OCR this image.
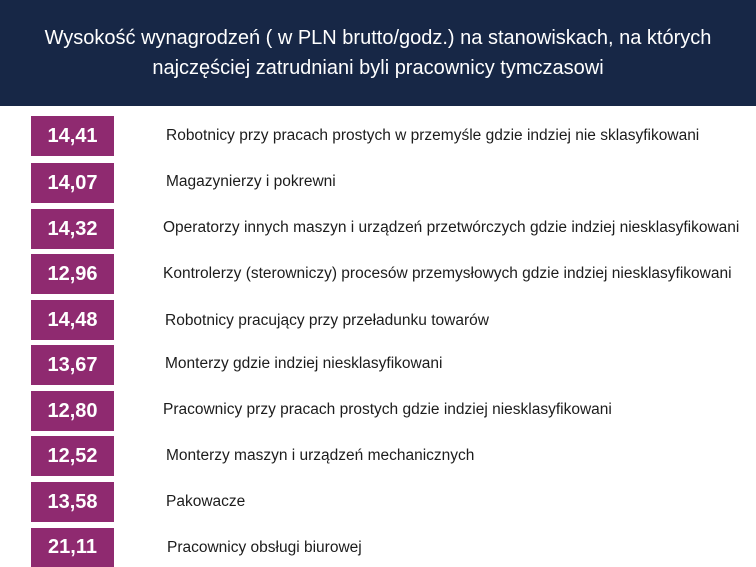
Wysokość wynagrodzeń ( w PLN brutto/godz.) na stanowiskach, na których najczęściej zatrudniani byli pracownicy tymczasowi
14,41	Robotnicy przy pracach prostych w przemyśle gdzie indziej nie sklasyfikowani
14,07	Magazynierzy i pokrewni
14,32	Operatorzy innych maszyn i urządzeń przetwórczych gdzie indziej niesklasyfikowani
12,96	Kontrolerzy (sterowniczy) procesów przemysłowych gdzie indziej niesklasyfikowani
14,48	Robotnicy pracujący przy przeładunku towarów
13,67	Monterzy gdzie indziej niesklasyfikowani
12,80	Pracownicy przy pracach prostych gdzie indziej niesklasyfikowani
12,52	Monterzy maszyn i urządzeń mechanicznych
13,58	Pakowacze
21,11	Pracownicy obsługi biurowej
